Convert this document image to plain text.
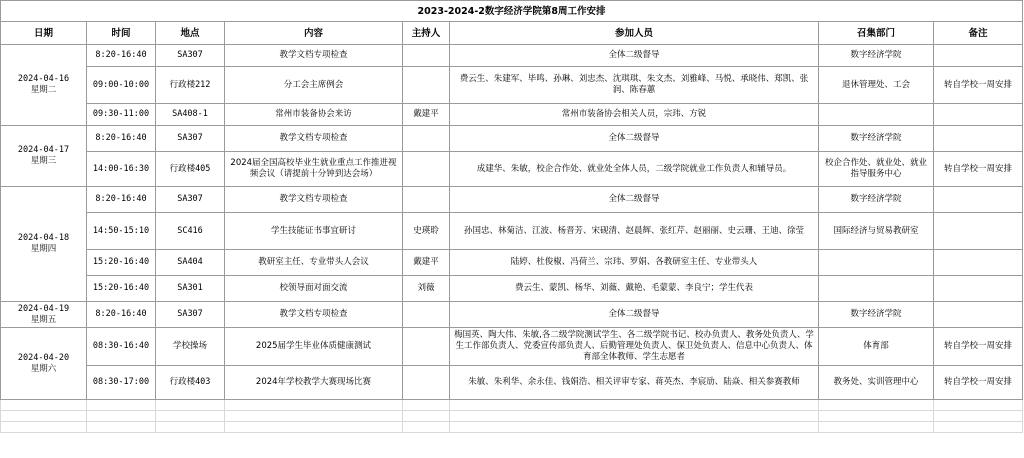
2023-2024-2数字经济学院第8周工作安排							
日期	时间	地点	内容	主持人	参加人员	召集部门	备注

2024-04-16
星期二	8:20-16:40	SA307	教学文档专项检查		全体二级督导	数字经济学院	
	09:00-10:00	行政楼212	分工会主席例会		费云生、朱建军、毕鸣、孙琳、刘忠杰、沈琪琪、朱文杰、刘雅峰、马悦、承晓伟、郑凯、张润、陈春蕙	退休管理处、工会	转自学校一周安排
	09:30-11:00	SA408-1	常州市装备协会来访	戴建平	常州市装备协会相关人员，宗玮、方锐		

2024-04-17
星期三	8:20-16:40	SA307	教学文档专项检查		全体二级督导	数字经济学院	
	14:00-16:30	行政楼405	2024届全国高校毕业生就业重点工作推进视频会议（请提前十分钟到达会场）		成建华、朱敏，校企合作处、就业处全体人员，二级学院就业工作负责人和辅导员。	校企合作处、就业处、就业指导服务中心	转自学校一周安排

2024-04-18
星期四	8:20-16:40	SA307	教学文档专项检查		全体二级督导	数字经济学院	
	14:50-15:10	SC416	学生技能证书事宜研讨	史瑛聆	孙国忠、林菊洁、江波、杨晋芳、宋砚清、赵晨辉、张红芹、赵丽丽、史云珊、王迪、徐莹	国际经济与贸易教研室	
	15:20-16:40	SA404	教研室主任、专业带头人会议	戴建平	陆婷、杜俊椒、冯荷兰、宗玮、罗娟、各教研室主任、专业带头人		
	15:20-16:40	SA301	校领导面对面交流	刘薇	费云生、蒙凯、杨华、刘薇、戴艳、毛蒙蒙、李良宁；学生代表		

2024-04-19
星期五	8:20-16:40	SA307	教学文档专项检查		全体二级督导	数字经济学院	

2024-04-20
星期六	08:30-16:40	学校操场	2025届学生毕业体质健康测试		梅国英、陶大伟、朱敏,各二级学院测试学生、各二级学院书记、校办负责人、教务处负责人、学生工作部负责人、党委宣传部负责人、后勤管理处负责人、保卫处负责人、信息中心负责人、体育部全体教师、学生志愿者	体育部	转自学校一周安排
	08:30-17:00	行政楼403	2024年学校教学大赛现场比赛		朱敏、朱利华、余永佳、钱娟浩、相关评审专家、蒋英杰、李宸劢、陆焱、相关参赛教师	教务处、实训管理中心	转自学校一周安排
